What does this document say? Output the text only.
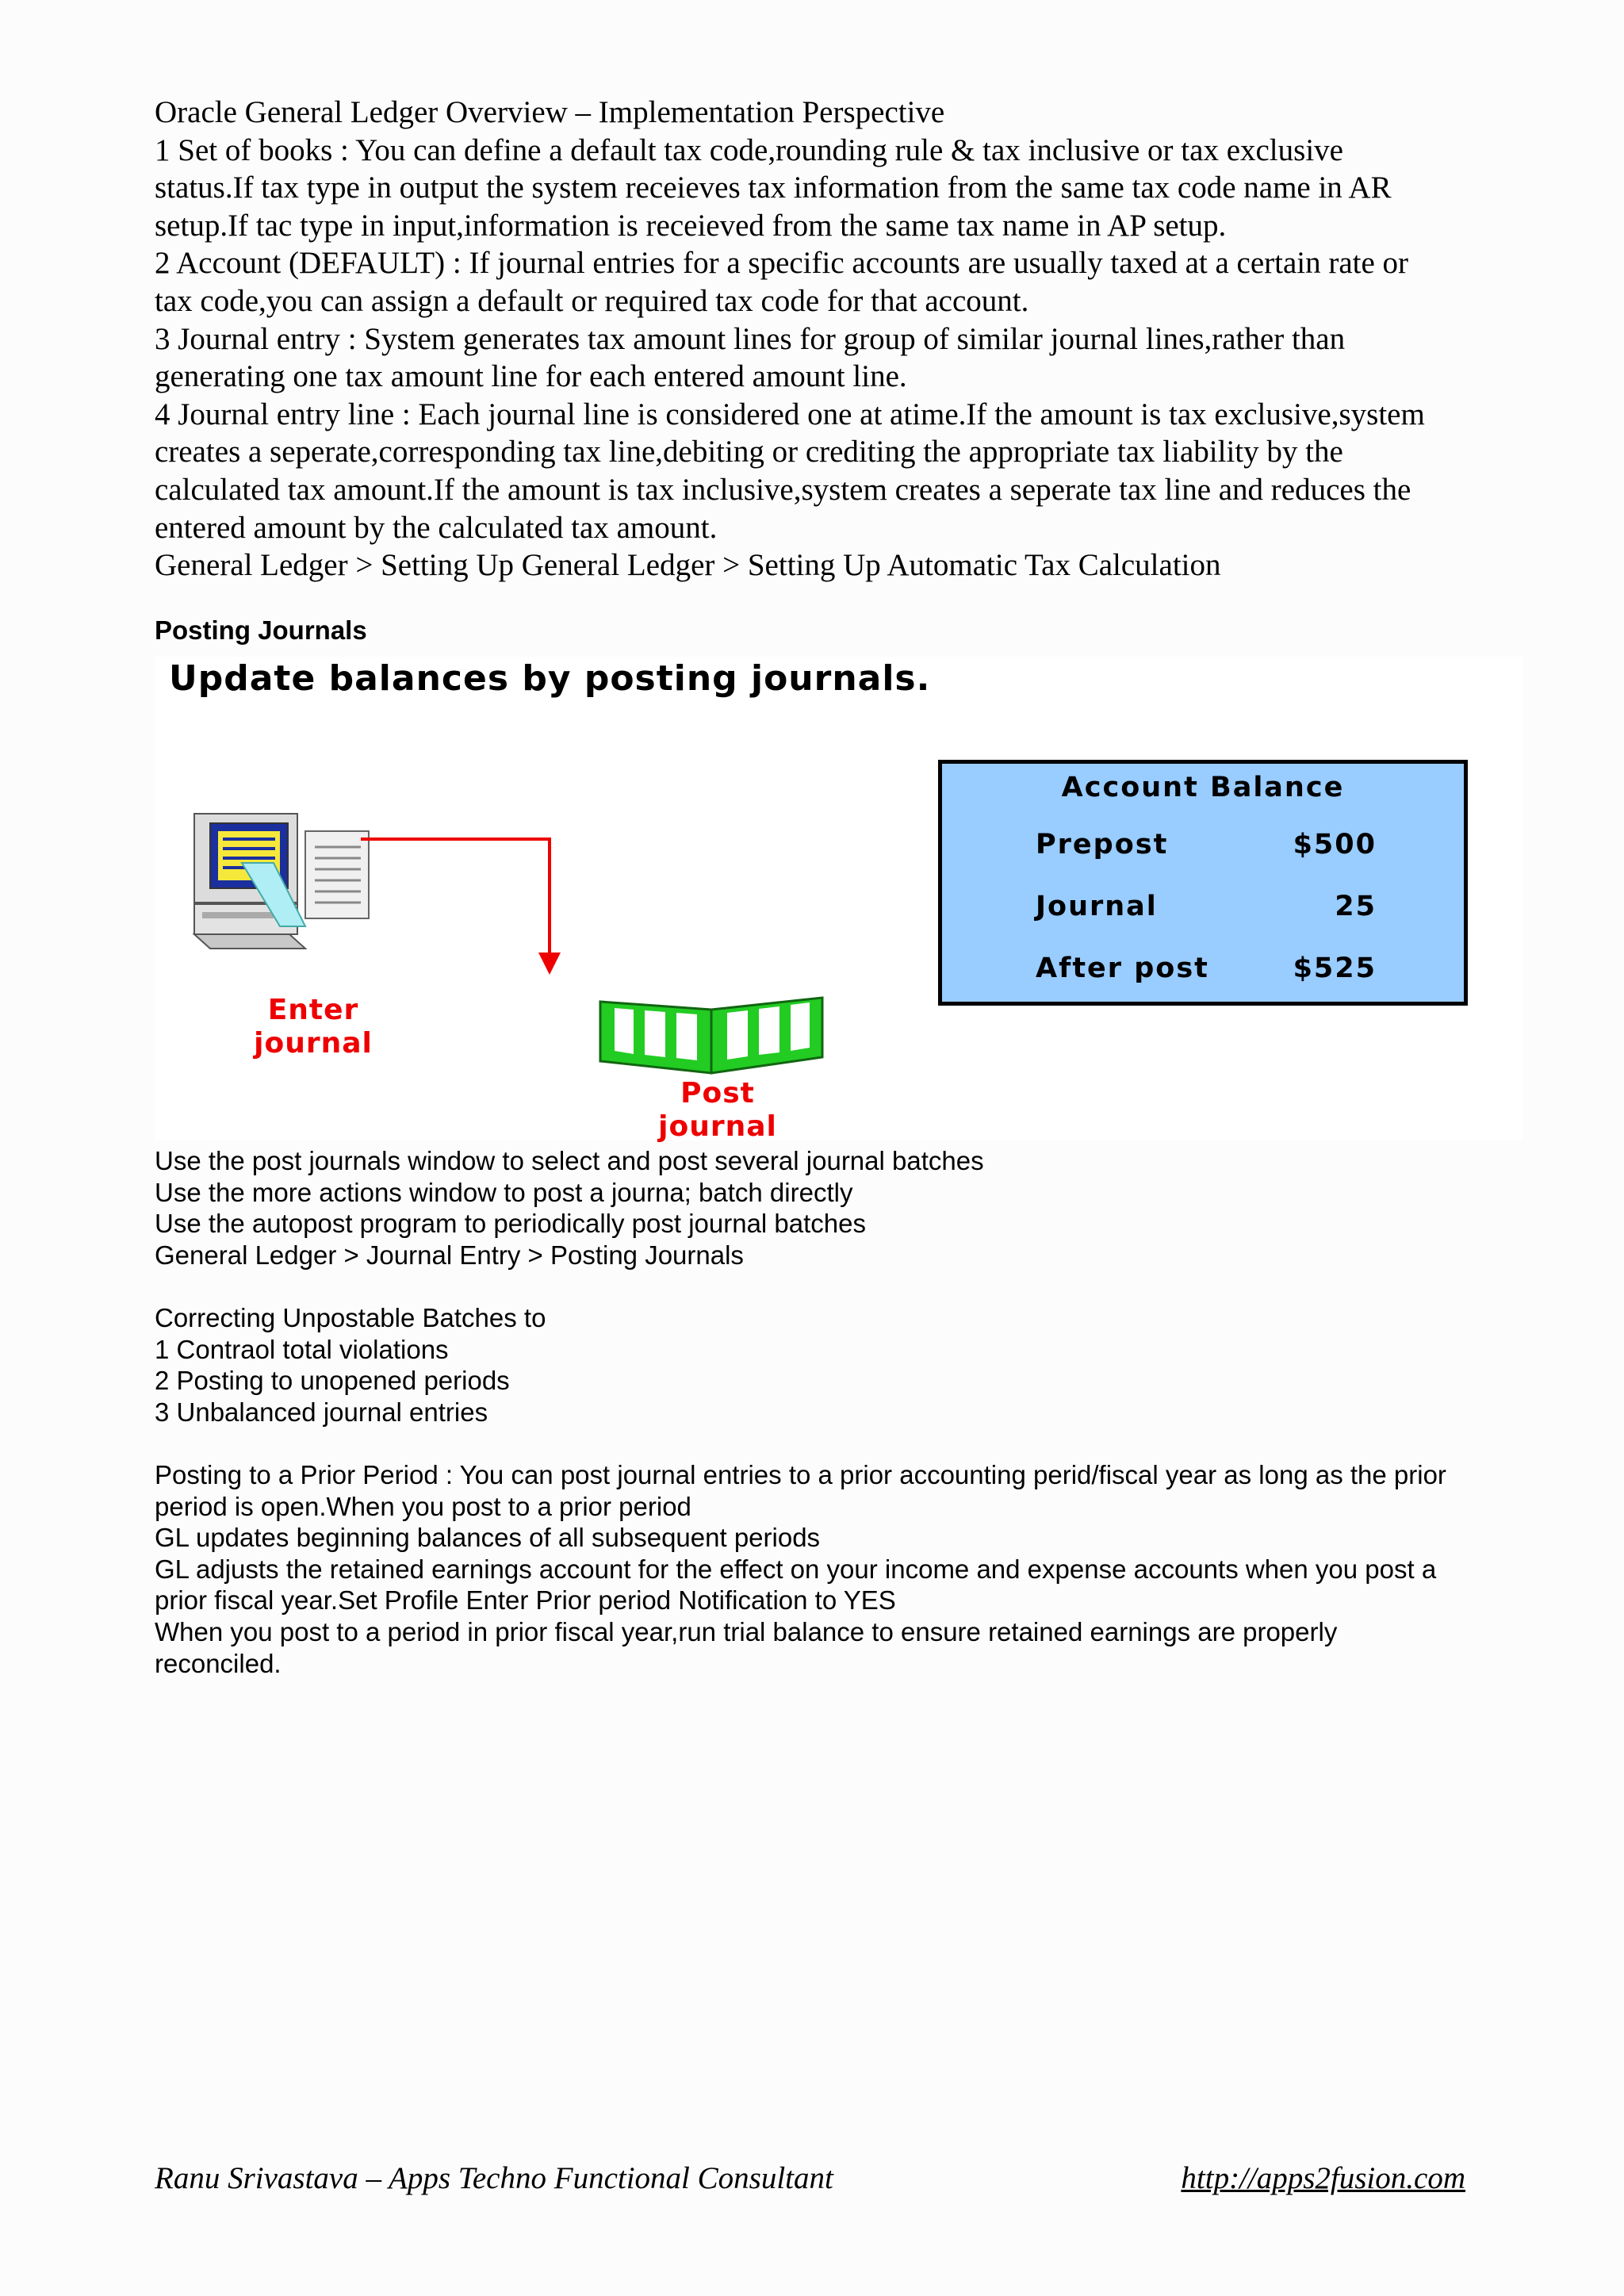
Oracle General Ledger Overview – Implementation Perspective
1 Set of books : You can define a default tax code,rounding rule & tax inclusive or tax exclusive
status.If tax type in output the system receieves tax information from the same tax code name in AR
setup.If tac type in input,information is receieved from the same tax name in AP setup.
2 Account (DEFAULT) : If journal entries for a specific accounts are usually taxed at a certain rate or
tax code,you can assign a default or required tax code for that account.
3 Journal entry : System generates tax amount lines for group of similar journal lines,rather than
generating one tax amount line for each entered amount line.
4 Journal entry line : Each journal line is considered one at atime.If the amount is tax exclusive,system
creates a seperate,corresponding tax line,debiting or crediting the appropriate tax liability by the
calculated tax amount.If the amount is tax inclusive,system creates a seperate tax line and reduces the
entered amount by the calculated tax amount.
General Ledger > Setting Up General Ledger > Setting Up Automatic Tax Calculation
Posting Journals
Update balances by posting journals.
Enter
journal
Post
journal
Account Balance
Prepost	$500
Journal	25
After post	$525
Use the post journals window to select and post several journal batches
Use the more actions window to post a journa; batch directly
Use the autopost program to periodically post journal batches
General Ledger > Journal Entry > Posting Journals
Correcting Unpostable Batches to
1 Contraol total violations
2 Posting to unopened periods
3 Unbalanced journal entries
Posting to a Prior Period : You can post journal entries to a prior accounting perid/fiscal year as long as the prior
period is open.When you post to a prior period
GL updates beginning balances of all subsequent periods
GL adjusts the retained earnings account for the effect on your income and expense accounts when you post a
prior fiscal year.Set Profile Enter Prior period Notification to YES
When you post to a period in prior fiscal year,run trial balance to ensure retained earnings are properly
reconciled.
Ranu Srivastava – Apps Techno Functional Consultant	http://apps2fusion.com
